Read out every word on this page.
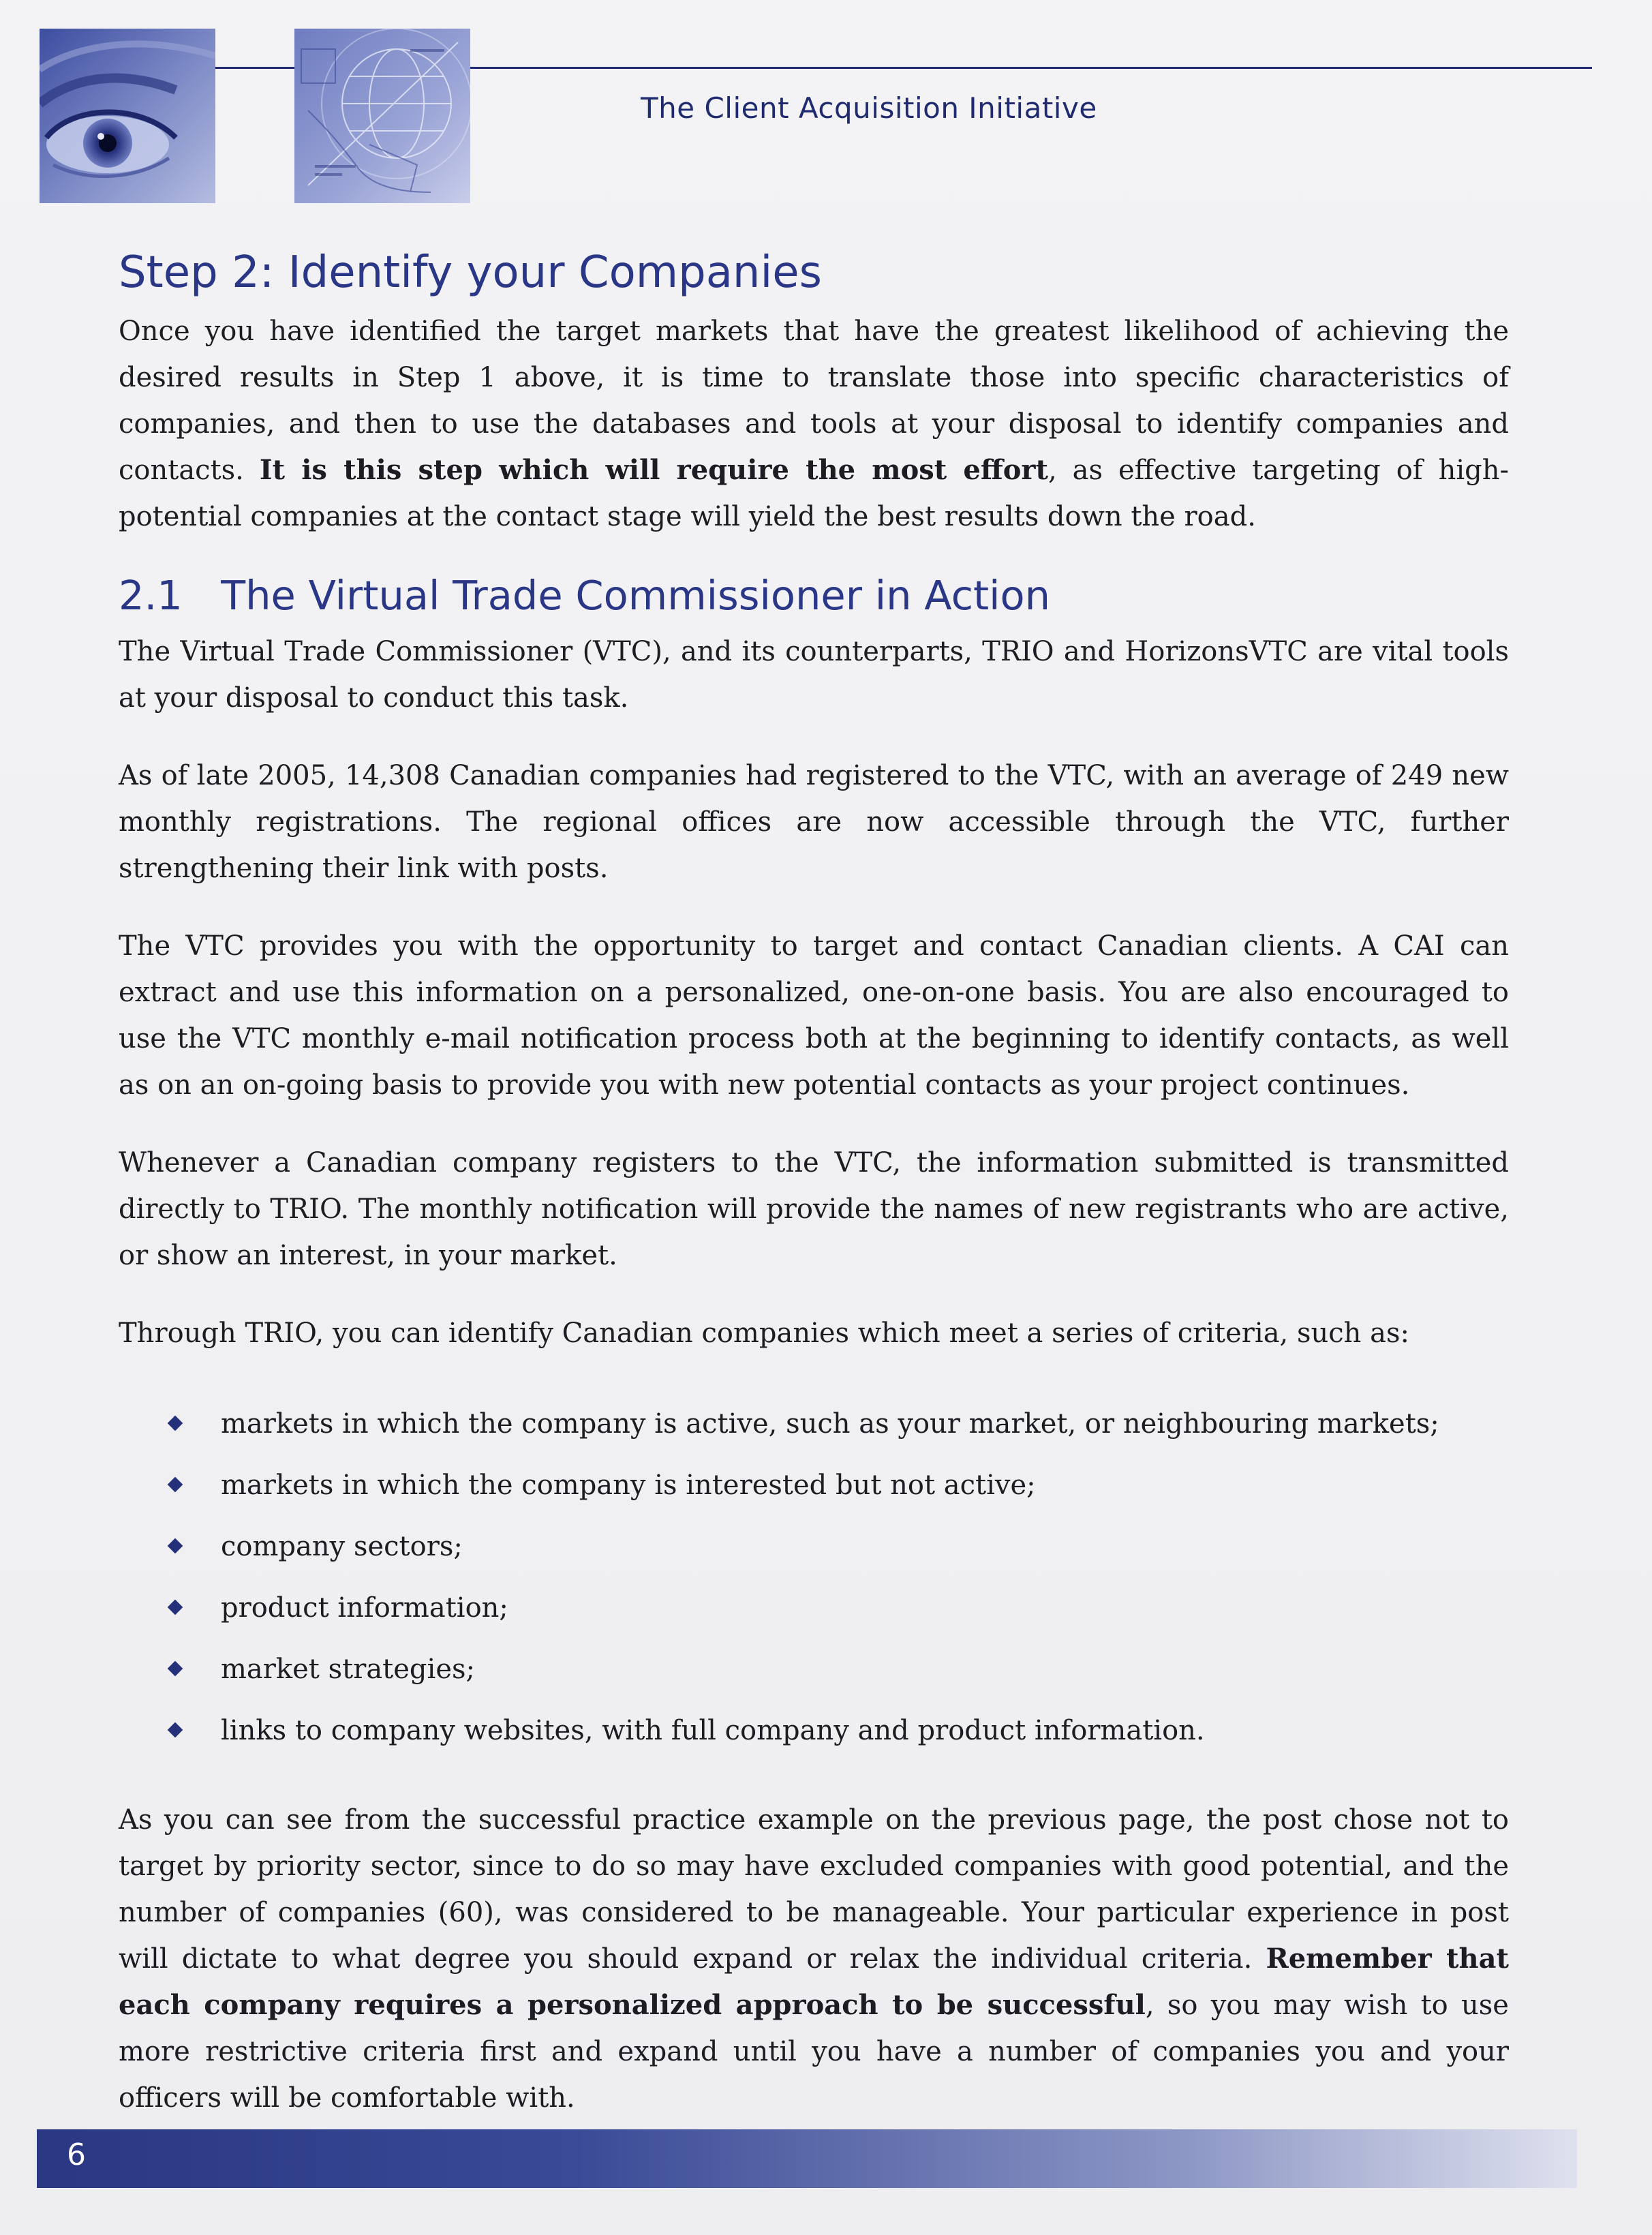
The Client Acquisition Initiative
Step 2: Identify your Companies

Once you have identified the target markets that have the greatest likelihood of achieving the desired results in Step 1 above, it is time to translate those into specific characteristics of companies, and then to use the databases and tools at your disposal to identify companies and contacts. It is this step which will require the most effort, as effective targeting of high-potential companies at the contact stage will yield the best results down the road.

2.1 The Virtual Trade Commissioner in Action

The Virtual Trade Commissioner (VTC), and its counterparts, TRIO and HorizonsVTC are vital tools at your disposal to conduct this task.

As of late 2005, 14,308 Canadian companies had registered to the VTC, with an average of 249 new monthly registrations. The regional offices are now accessible through the VTC, further strengthening their link with posts.

The VTC provides you with the opportunity to target and contact Canadian clients. A CAI can extract and use this information on a personalized, one-on-one basis. You are also encouraged to use the VTC monthly e-mail notification process both at the beginning to identify contacts, as well as on an on-going basis to provide you with new potential contacts as your project continues.

Whenever a Canadian company registers to the VTC, the information submitted is transmitted directly to TRIO. The monthly notification will provide the names of new registrants who are active, or show an interest, in your market.

Through TRIO, you can identify Canadian companies which meet a series of criteria, such as:

markets in which the company is active, such as your market, or neighbouring markets;
markets in which the company is interested but not active;
company sectors;
product information;
market strategies;
links to company websites, with full company and product information.

As you can see from the successful practice example on the previous page, the post chose not to target by priority sector, since to do so may have excluded companies with good potential, and the number of companies (60), was considered to be manageable. Your particular experience in post will dictate to what degree you should expand or relax the individual criteria. Remember that each company requires a personalized approach to be successful, so you may wish to use more restrictive criteria first and expand until you have a number of companies you and your officers will be comfortable with.

6
